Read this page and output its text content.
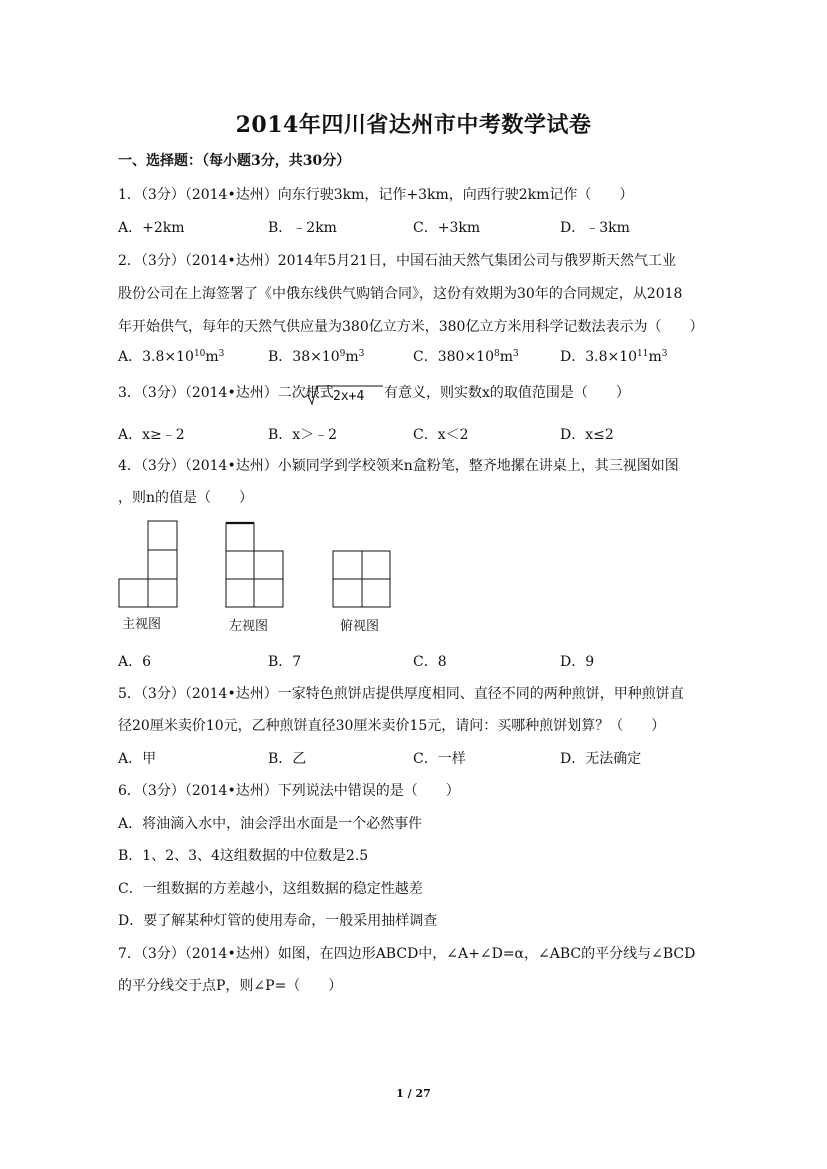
2014年四川省达州市中考数学试卷
一、选择题：（每小题3分，共30分）
1．（3分）（2014•达州）向东行驶3km，记作+3km，向西行驶2km记作（　　）
A．+2km	B．﹣2km	C．+3km	D．﹣3km
2．（3分）（2014•达州）2014年5月21日，中国石油天然气集团公司与俄罗斯天然气工业
股份公司在上海签署了《中俄东线供气购销合同》，这份有效期为30年的合同规定，从2018
年开始供气，每年的天然气供应量为380亿立方米，380亿立方米用科学记数法表示为（　　）
A．$3.8\times 10^{10}m^3$	B．$38\times 10^9m^3$	C．$380\times 10^8m^3$	D．$3.8\times 10^{11}m^3$
3．（3分）（2014•达州）二次根式
﹣2x+4 有意义，则实数x的取值范围是（　　）
A．x≥﹣2	B．x＞﹣2	C．x＜2	D．x≤2
4．（3分）（2014•达州）小颖同学到学校领来n盒粉笔，整齐地摞在讲桌上，其三视图如图
，则n的值是（　　）
主视图	左视图	俯视图
A．6	B．7	C．8	D．9
5．（3分）（2014•达州）一家特色煎饼店提供厚度相同、直径不同的两种煎饼，甲种煎饼直
径20厘米卖价10元，乙种煎饼直径30厘米卖价15元，请问：买哪种煎饼划算？（　　）
A．甲	B．乙	C．一样	D．无法确定
6．（3分）（2014•达州）下列说法中错误的是（　　）
A．将油滴入水中，油会浮出水面是一个必然事件
B．1、2、3、4这组数据的中位数是2.5
C．一组数据的方差越小，这组数据的稳定性越差
D．要了解某种灯管的使用寿命，一般采用抽样调查
7．（3分）（2014•达州）如图，在四边形ABCD中，∠A+∠D=α，∠ABC的平分线与∠BCD
的平分线交于点P，则∠P=（　　）
1 / 27
